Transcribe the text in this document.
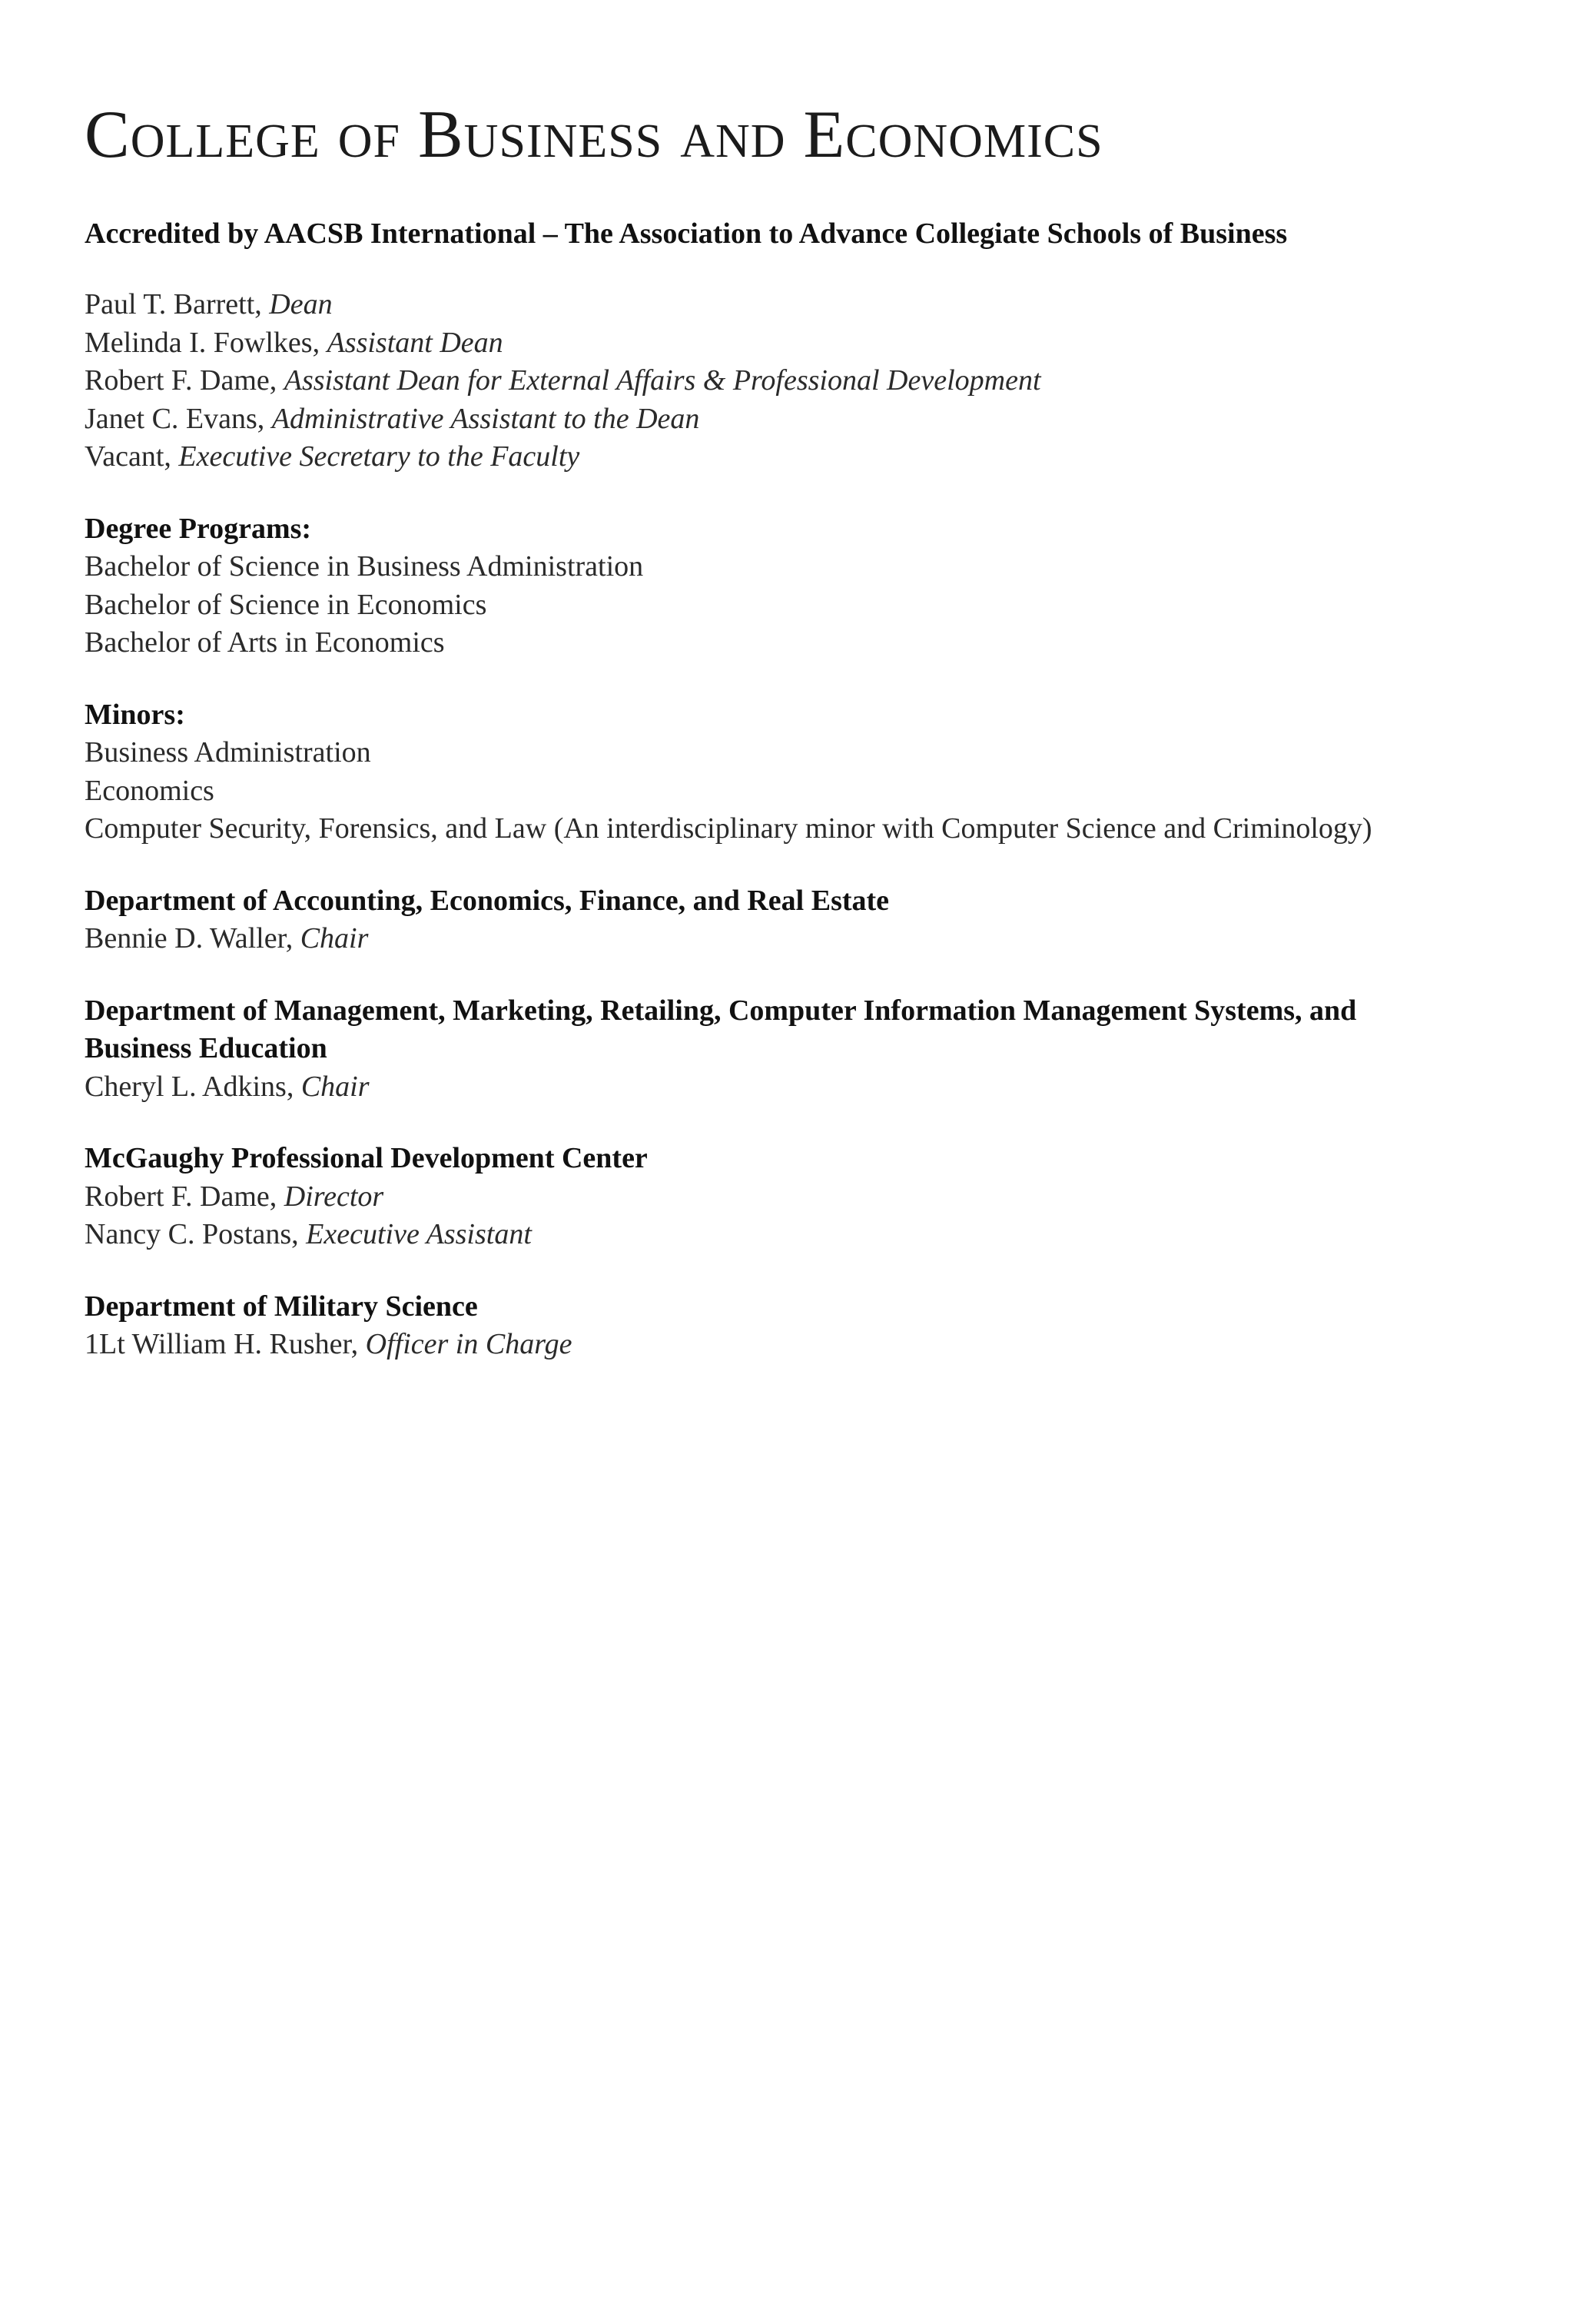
College of Business and Economics
Accredited by AACSB International – The Association to Advance Collegiate Schools of Business
Paul T. Barrett, Dean
Melinda I. Fowlkes, Assistant Dean
Robert F. Dame, Assistant Dean for External Affairs & Professional Development
Janet C. Evans, Administrative Assistant to the Dean
Vacant, Executive Secretary to the Faculty
Degree Programs:
Bachelor of Science in Business Administration
Bachelor of Science in Economics
Bachelor of Arts in Economics
Minors:
Business Administration
Economics
Computer Security, Forensics, and Law (An interdisciplinary minor with Computer Science and Criminology)
Department of Accounting, Economics, Finance, and Real Estate
Bennie D. Waller, Chair
Department of Management, Marketing, Retailing, Computer Information Management Systems, and
Business Education
Cheryl L. Adkins, Chair
McGaughy Professional Development Center
Robert F. Dame, Director
Nancy C. Postans, Executive Assistant
Department of Military Science
1Lt William H. Rusher, Officer in Charge
